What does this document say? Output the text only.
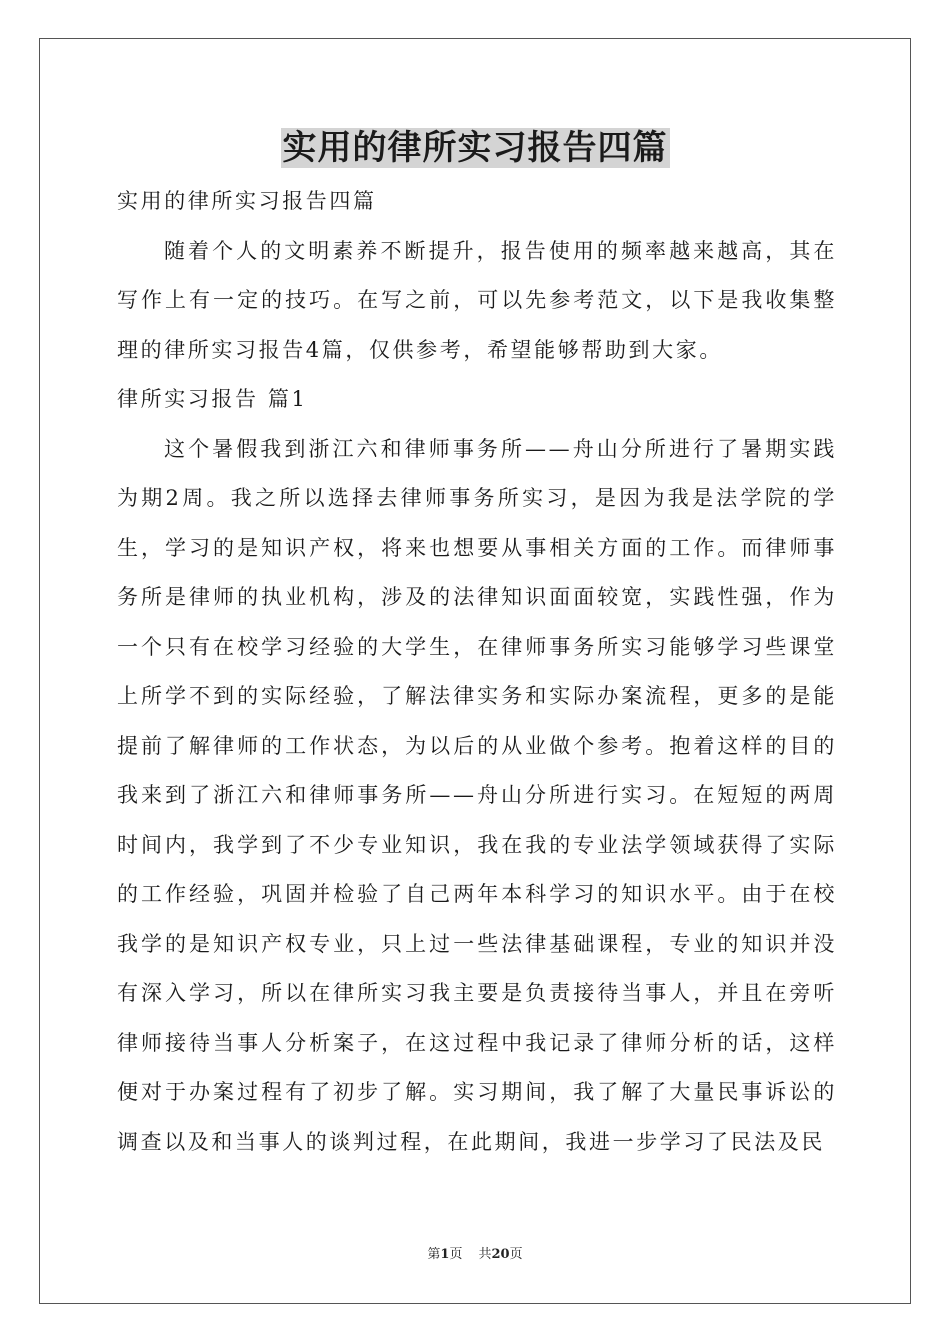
实用的律所实习报告四篇

实用的律所实习报告四篇

随着个人的文明素养不断提升，报告使用的频率越来越高，其在写作上有一定的技巧。在写之前，可以先参考范文，以下是我收集整理的律所实习报告4篇，仅供参考，希望能够帮助到大家。

律所实习报告 篇1

这个暑假我到浙江六和律师事务所——舟山分所进行了暑期实践为期2周。我之所以选择去律师事务所实习，是因为我是法学院的学生，学习的是知识产权，将来也想要从事相关方面的工作。而律师事务所是律师的执业机构，涉及的法律知识面面较宽，实践性强，作为一个只有在校学习经验的大学生，在律师事务所实习能够学习些课堂上所学不到的实际经验，了解法律实务和实际办案流程，更多的是能提前了解律师的工作状态，为以后的从业做个参考。抱着这样的目的我来到了浙江六和律师事务所——舟山分所进行实习。在短短的两周时间内，我学到了不少专业知识，我在我的专业法学领域获得了实际的工作经验，巩固并检验了自己两年本科学习的知识水平。由于在校我学的是知识产权专业，只上过一些法律基础课程，专业的知识并没有深入学习，所以在律所实习我主要是负责接待当事人，并且在旁听律师接待当事人分析案子，在这过程中我记录了律师分析的话，这样便对于办案过程有了初步了解。实习期间，我了解了大量民事诉讼的调查以及和当事人的谈判过程，在此期间，我进一步学习了民法及民

第1页 共20页
